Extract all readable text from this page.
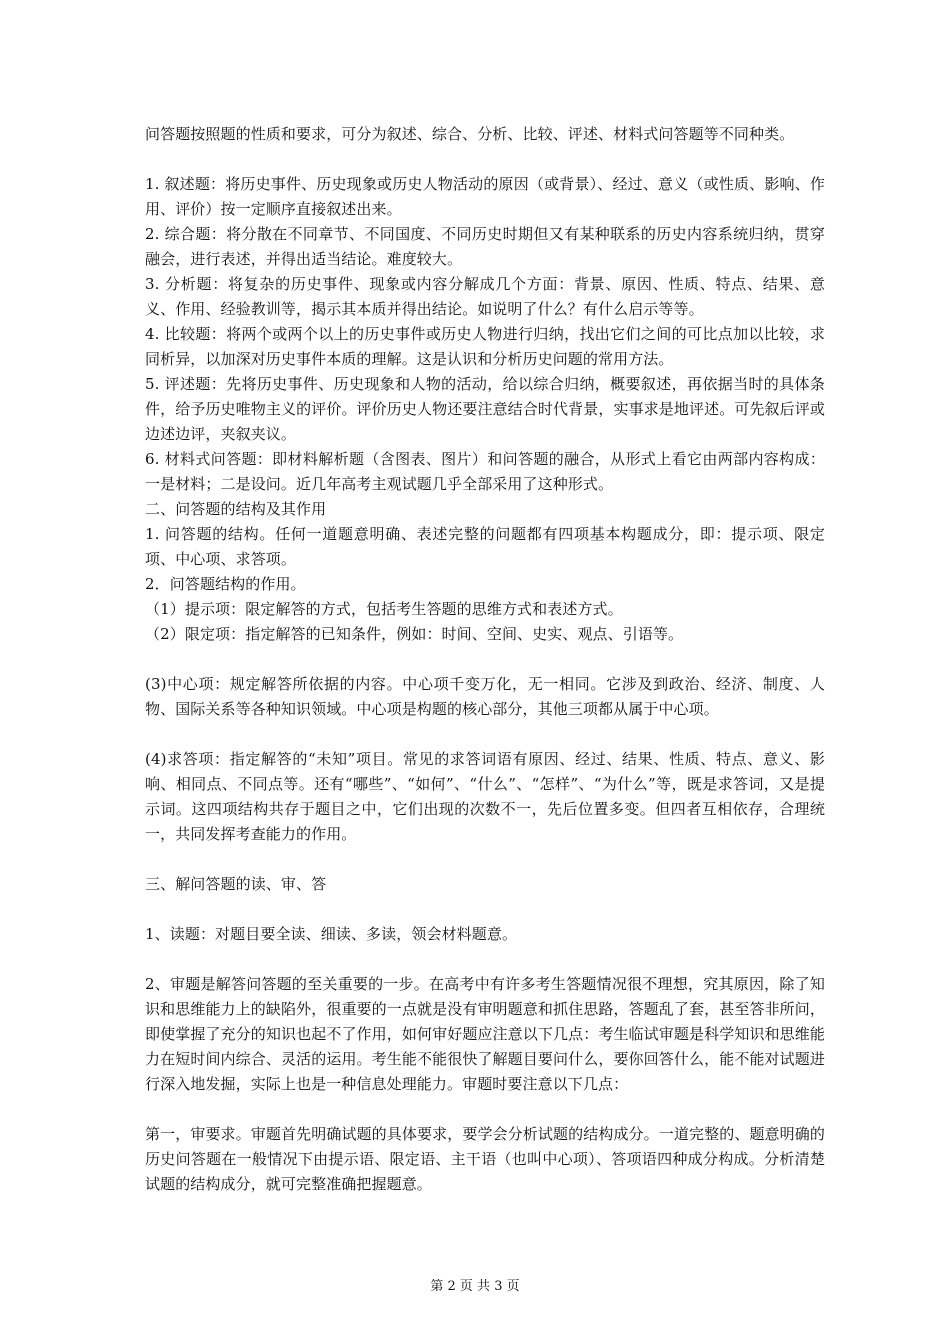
问答题按照题的性质和要求，可分为叙述、综合、分析、比较、评述、材料式问答题等不同种类。

1. 叙述题：将历史事件、历史现象或历史人物活动的原因（或背景）、经过、意义（或性质、影响、作用、评价）按一定顺序直接叙述出来。

2. 综合题：将分散在不同章节、不同国度、不同历史时期但又有某种联系的历史内容系统归纳，贯穿融会，进行表述，并得出适当结论。难度较大。

3. 分析题：将复杂的历史事件、现象或内容分解成几个方面：背景、原因、性质、特点、结果、意义、作用、经验教训等，揭示其本质并得出结论。如说明了什么？有什么启示等等。

4. 比较题：将两个或两个以上的历史事件或历史人物进行归纳，找出它们之间的可比点加以比较，求同析异，以加深对历史事件本质的理解。这是认识和分析历史问题的常用方法。

5. 评述题：先将历史事件、历史现象和人物的活动，给以综合归纳，概要叙述，再依据当时的具体条件，给予历史唯物主义的评价。评价历史人物还要注意结合时代背景，实事求是地评述。可先叙后评或边述边评，夹叙夹议。

6. 材料式问答题：即材料解析题（含图表、图片）和问答题的融合，从形式上看它由两部内容构成：一是材料；二是设问。近几年高考主观试题几乎全部采用了这种形式。

二、问答题的结构及其作用

1. 问答题的结构。任何一道题意明确、表述完整的问题都有四项基本构题成分，即：提示项、限定项、中心项、求答项。

2．问答题结构的作用。

（1）提示项：限定解答的方式，包括考生答题的思维方式和表述方式。

（2）限定项：指定解答的已知条件，例如：时间、空间、史实、观点、引语等。

(3)中心项：规定解答所依据的内容。中心项千变万化，无一相同。它涉及到政治、经济、制度、人物、国际关系等各种知识领域。中心项是构题的核心部分，其他三项都从属于中心项。

(4)求答项：指定解答的“未知”项目。常见的求答词语有原因、经过、结果、性质、特点、意义、影响、相同点、不同点等。还有“哪些”、“如何”、“什么”、“怎样”、“为什么”等，既是求答词，又是提示词。这四项结构共存于题目之中，它们出现的次数不一，先后位置多变。但四者互相依存，合理统一，共同发挥考查能力的作用。

三、解问答题的读、审、答

1、读题：对题目要全读、细读、多读，领会材料题意。

2、审题是解答问答题的至关重要的一步。在高考中有许多考生答题情况很不理想，究其原因，除了知识和思维能力上的缺陷外，很重要的一点就是没有审明题意和抓住思路，答题乱了套，甚至答非所问，即使掌握了充分的知识也起不了作用，如何审好题应注意以下几点：考生临试审题是科学知识和思维能力在短时间内综合、灵活的运用。考生能不能很快了解题目要问什么，要你回答什么，能不能对试题进行深入地发掘，实际上也是一种信息处理能力。审题时要注意以下几点：

第一，审要求。审题首先明确试题的具体要求，要学会分析试题的结构成分。一道完整的、题意明确的历史问答题在一般情况下由提示语、限定语、主干语（也叫中心项）、答项语四种成分构成。分析清楚试题的结构成分，就可完整准确把握题意。

第 2 页 共 3 页
